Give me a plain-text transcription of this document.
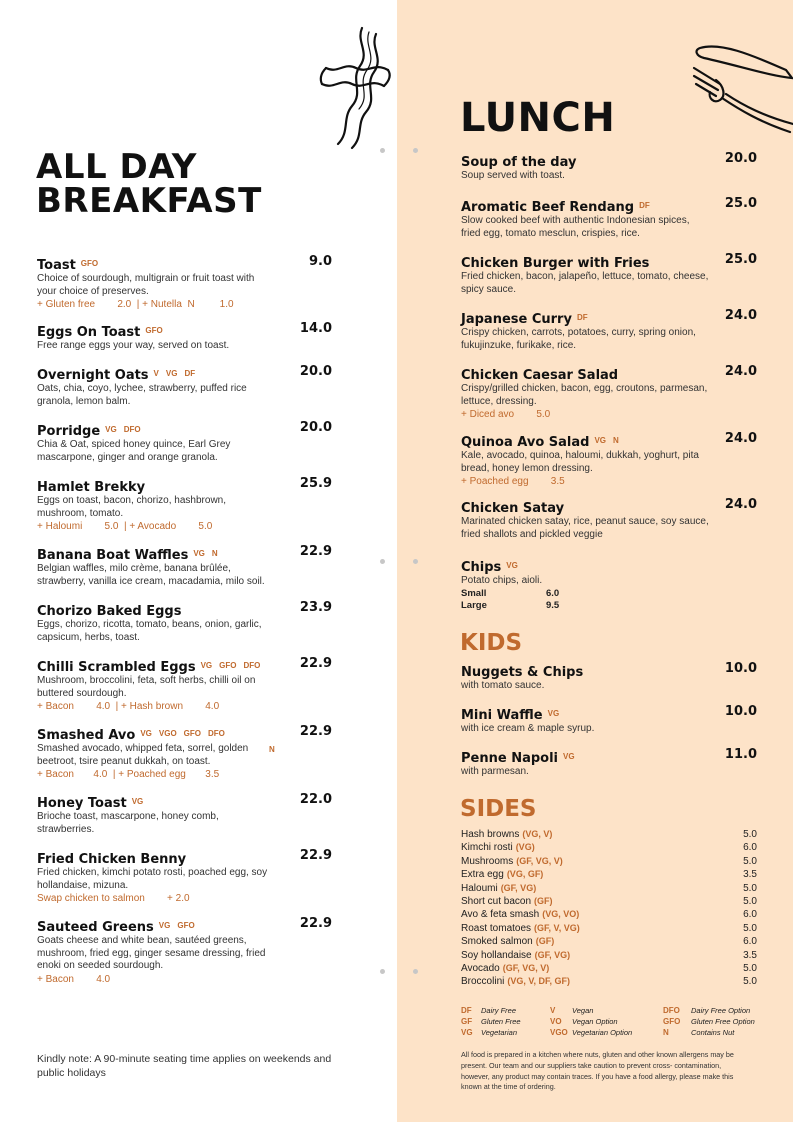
ALL DAY
BREAKFAST
LUNCH
Toast GFO	9.0
Choice of sourdough, multigrain or fruit toast with
your choice of preserves.
+ Gluten free        2.0  | + Nutella  N         1.0
Eggs On Toast GFO	14.0
Free range eggs your way, served on toast.
Overnight Oats V VG DF	20.0
Oats, chia, coyo, lychee, strawberry, puffed rice
granola, lemon balm.
Porridge VG DFO	20.0
Chia & Oat, spiced honey quince, Earl Grey
mascarpone, ginger and orange granola.
Hamlet Brekky	25.9
Eggs on toast, bacon, chorizo, hashbrown,
mushroom, tomato.
+ Haloumi        5.0  | + Avocado        5.0
Banana Boat Waffles VG N	22.9
Belgian waffles, milo crème, banana brûlée,
strawberry, vanilla ice cream, macadamia, milo soil.
Chorizo Baked Eggs	23.9
Eggs, chorizo, ricotta, tomato, beans, onion, garlic,
capsicum, herbs, toast.
Chilli Scrambled Eggs VG GFO DFO	22.9
Mushroom, broccolini, feta, soft herbs, chilli oil on
buttered sourdough.
+ Bacon        4.0  | + Hash brown        4.0
Smashed Avo VG VGO GFO DFO	22.9
Smashed avocado, whipped feta, sorrel, golden
beetroot, tsire peanut dukkah, on toast.
N
+ Bacon       4.0  | + Poached egg       3.5
Honey Toast VG	22.0
Brioche toast, mascarpone, honey comb,
strawberries.
Fried Chicken Benny	22.9
Fried chicken, kimchi potato rosti, poached egg, soy
hollandaise, mizuna.
Swap chicken to salmon        + 2.0
Sauteed Greens VG GFO	22.9
Goats cheese and white bean, sautéed greens,
mushroom, fried egg, ginger sesame dressing, fried
enoki on seeded sourdough.
+ Bacon        4.0
Soup of the day	20.0
Soup served with toast.
Aromatic Beef Rendang DF	25.0
Slow cooked beef with authentic Indonesian spices,
fried egg, tomato mesclun, crispies, rice.
Chicken Burger with Fries	25.0
Fried chicken, bacon, jalapeño, lettuce, tomato, cheese,
spicy sauce.
Japanese Curry DF	24.0
Crispy chicken, carrots, potatoes, curry, spring onion,
fukujinzuke, furikake, rice.
Chicken Caesar Salad	24.0
Crispy/grilled chicken, bacon, egg, croutons, parmesan,
lettuce, dressing.
+ Diced avo        5.0
Quinoa Avo Salad VG N	24.0
Kale, avocado, quinoa, haloumi, dukkah, yoghurt, pita
bread, honey lemon dressing.
+ Poached egg        3.5
Chicken Satay	24.0
Marinated chicken satay, rice, peanut sauce, soy sauce,
fried shallots and pickled veggie
Chips VG
Potato chips, aioli.
Small	6.0
Large	9.5
KIDS
Nuggets & Chips	10.0
with tomato sauce.
Mini Waffle VG	10.0
with ice cream & maple syrup.
Penne Napoli VG	11.0
with parmesan.
SIDES
Hash browns (VG, V)	5.0
Kimchi rosti (VG)	6.0
Mushrooms (GF, VG, V)	5.0
Extra egg (VG, GF)	3.5
Haloumi (GF, VG)	5.0
Short cut bacon (GF)	5.0
Avo & feta smash (VG, VO)	6.0
Roast tomatoes (GF, V, VG)	5.0
Smoked salmon (GF)	6.0
Soy hollandaise (GF, VG)	3.5
Avocado (GF, VG, V)	5.0
Broccolini (VG, V, DF, GF)	5.0
DF Dairy Free	V Vegan	DFO Dairy Free Option
GF Gluten Free	VO Vegan Option	GFO Gluten Free Option
VG Vegetarian	VGO Vegetarian Option	N	Contains Nut
All food is prepared in a kitchen where nuts, gluten and other known allergens may be
present. Our team and our suppliers take caution to prevent cross- contamination,
however, any product may contain traces. If you have a food allergy, please make this
known at the time of ordering.
Kindly note: A 90-minute seating time applies on weekends and
public holidays
